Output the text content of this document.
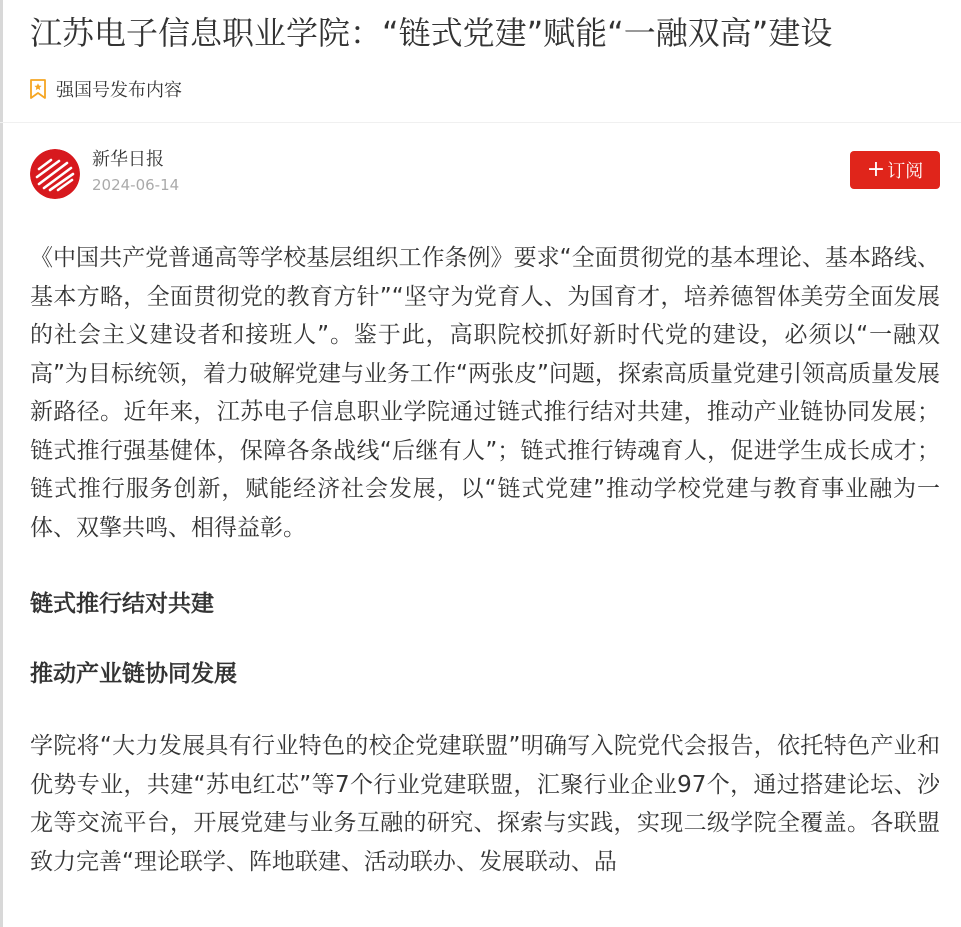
江苏电子信息职业学院：“链式党建”赋能“一融双高”建设
强国号发布内容
新华日报
2024-06-14
+ 订阅

《中国共产党普通高等学校基层组织工作条例》要求“全面贯彻党的基本理论、基本路线、基本方略，全面贯彻党的教育方针”“坚守为党育人、为国育才，培养德智体美劳全面发展的社会主义建设者和接班人”。鉴于此，高职院校抓好新时代党的建设，必须以“一融双高”为目标统领，着力破解党建与业务工作“两张皮”问题，探索高质量党建引领高质量发展新路径。近年来，江苏电子信息职业学院通过链式推行结对共建，推动产业链协同发展；链式推行强基健体，保障各条战线“后继有人”；链式推行铸魂育人，促进学生成长成才；链式推行服务创新，赋能经济社会发展，以“链式党建”推动学校党建与教育事业融为一体、双擎共鸣、相得益彰。

链式推行结对共建
推动产业链协同发展

学院将“大力发展具有行业特色的校企党建联盟”明确写入院党代会报告，依托特色产业和优势专业，共建“苏电红芯”等7个行业党建联盟，汇聚行业企业97个，通过搭建论坛、沙龙等交流平台，开展党建与业务互融的研究、探索与实践，实现二级学院全覆盖。各联盟致力完善“理论联学、阵地联建、活动联办、发展联动、品
